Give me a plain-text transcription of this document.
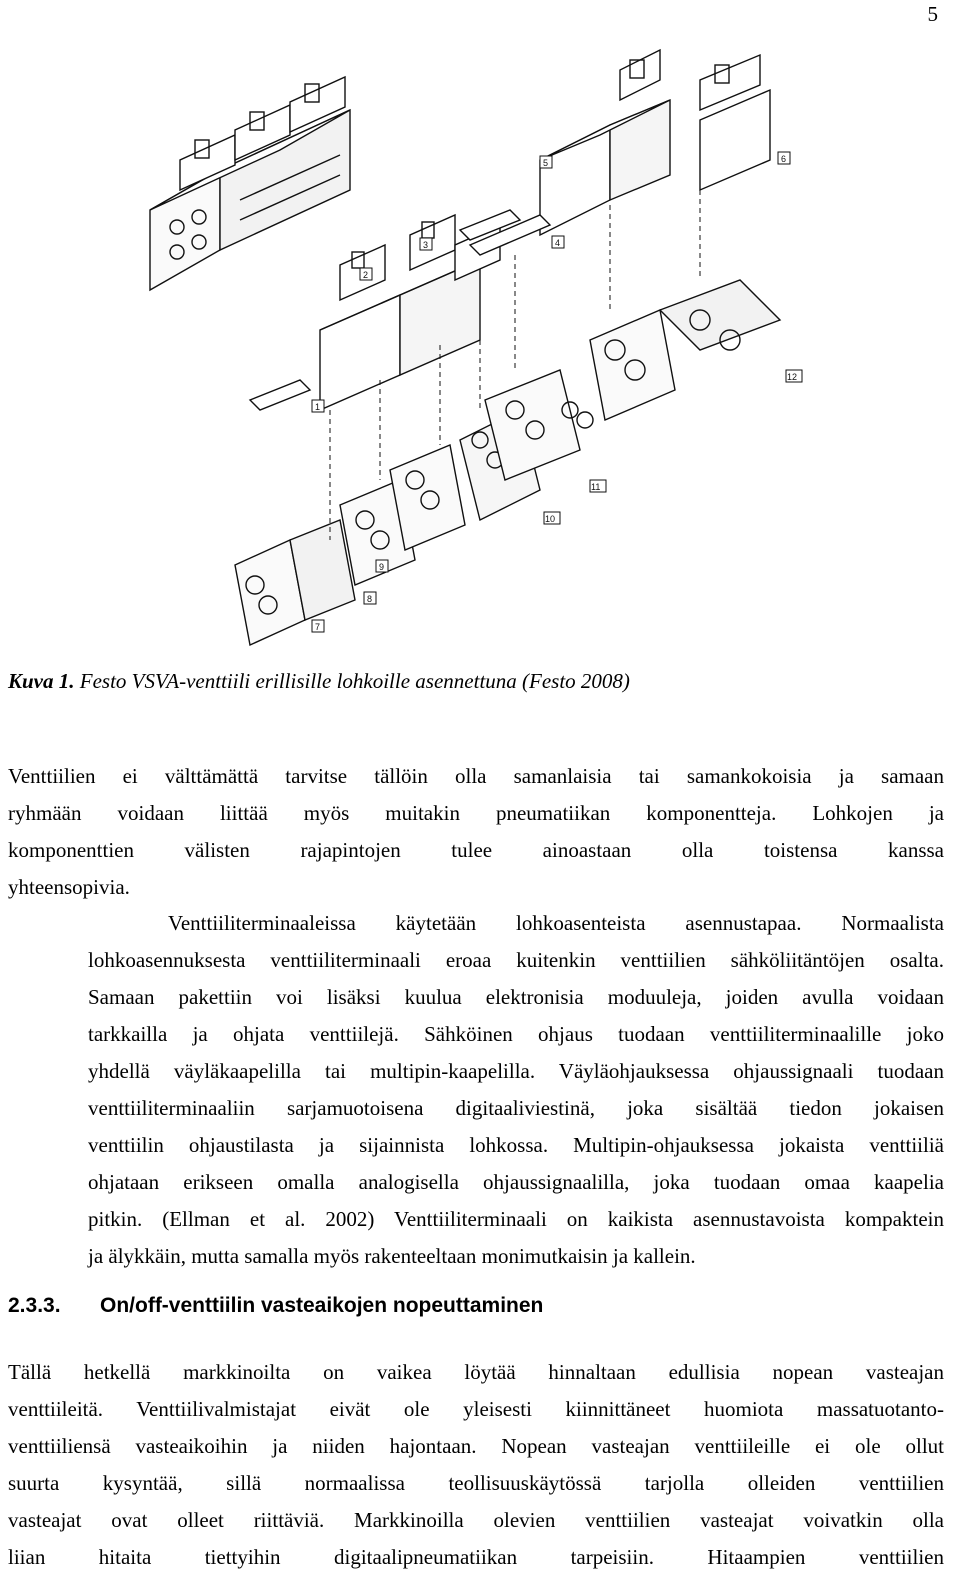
5
1
2
3	4
5	6
7
8
9
10
11
12
Kuva 1. Festo VSVA-venttiili erillisille lohkoille asennettuna (Festo 2008)
Venttiilien ei välttämättä tarvitse tällöin olla samanlaisia tai samankokoisia ja samaan
ryhmään voidaan liittää myös muitakin pneumatiikan komponentteja. Lohkojen ja
komponenttien välisten rajapintojen tulee ainoastaan olla toistensa kanssa
yhteensopivia.
Venttiiliterminaaleissa käytetään lohkoasenteista asennustapaa. Normaalista
lohkoasennuksesta venttiiliterminaali eroaa kuitenkin venttiilien sähköliitäntöjen osalta.
Samaan pakettiin voi lisäksi kuulua elektronisia moduuleja, joiden avulla voidaan
tarkkailla ja ohjata venttiilejä. Sähköinen ohjaus tuodaan venttiiliterminaalille joko
yhdellä väyläkaapelilla tai multipin-kaapelilla. Väyläohjauksessa ohjaussignaali tuodaan
venttiiliterminaaliin sarjamuotoisena digitaaliviestinä, joka sisältää tiedon jokaisen
venttiilin ohjaustilasta ja sijainnista lohkossa. Multipin-ohjauksessa jokaista venttiiliä
ohjataan erikseen omalla analogisella ohjaussignaalilla, joka tuodaan omaa kaapelia
pitkin. (Ellman et al. 2002) Venttiiliterminaali on kaikista asennustavoista kompaktein
ja älykkäin, mutta samalla myös rakenteeltaan monimutkaisin ja kallein.
2.3.3. On/off-venttiilin vasteaikojen nopeuttaminen
Tällä hetkellä markkinoilta on vaikea löytää hinnaltaan edullisia nopean vasteajan
venttiileitä. Venttiilivalmistajat eivät ole yleisesti kiinnittäneet huomiota massatuotanto-
venttiiliensä vasteaikoihin ja niiden hajontaan. Nopean vasteajan venttiileille ei ole ollut
suurta kysyntää, sillä normaalissa teollisuuskäytössä tarjolla olleiden venttiilien
vasteajat ovat olleet riittäviä. Markkinoilla olevien venttiilien vasteajat voivatkin olla
liian hitaita tiettyihin digitaalipneumatiikan tarpeisiin. Hitaampien venttiilien
